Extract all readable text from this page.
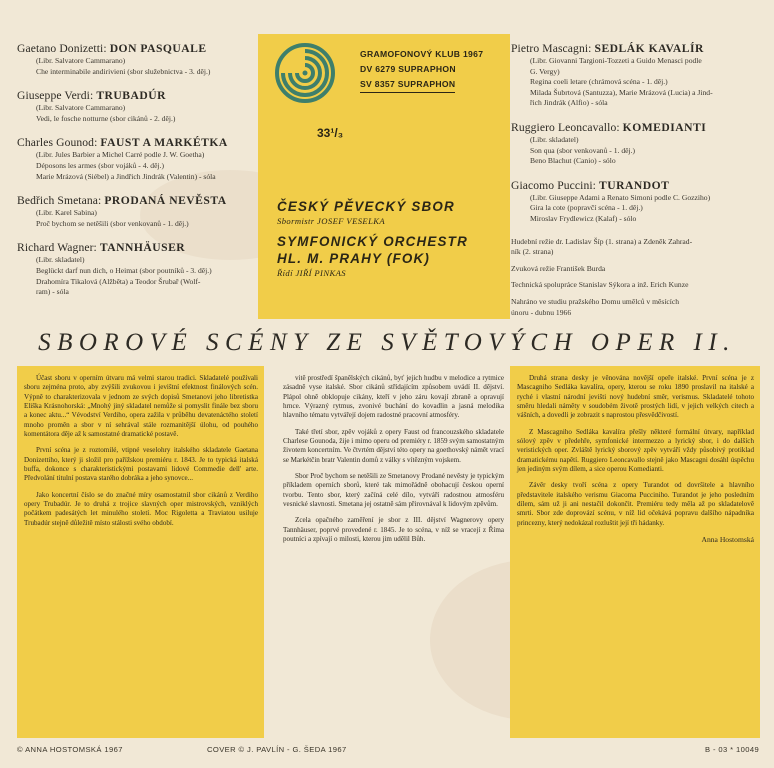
Gaetano Donizetti: DON PASQUALE
(Libr. Salvatore Cammarano)
Che interminabile andirivieni (sbor služebnictva - 3. děj.)
Giuseppe Verdi: TRUBADÚR
(Libr. Salvatore Cammarano)
Vedi, le fosche notturne (sbor cikánů - 2. děj.)
Charles Gounod: FAUST A MARKÉTKA
(Libr. Jules Barbier a Michel Carré podle J. W. Goetha)
Déposons les armes (sbor vojáků - 4. děj.)
Marie Mrázová (Siébel) a Jindřich Jindrák (Valentin) - sóla
Bedřich Smetana: PRODANÁ NEVĚSTA
(Libr. Karel Sabina)
Proč bychom se netěšili (sbor venkovanů - 1. děj.)
Richard Wagner: TANNHÄUSER
(Libr. skladatel)
Beglückt darf nun dich, o Heimat (sbor poutníků - 3. děj.)
Drahomíra Tikalová (Alžběta) a Teodor Šrubař (Wolf-
ram) - sóla
GRAMOFONOVÝ KLUB 1967
DV 6279 SUPRAPHON
SV 8357 SUPRAPHON
33¹/₃
ČESKÝ PĚVECKÝ SBOR
Sbormistr JOSEF VESELKA
SYMFONICKÝ ORCHESTR
HL. M. PRAHY (FOK)
Řídí JIŘÍ PINKAS
Pietro Mascagni: SEDLÁK KAVALÍR
(Libr. Giovanni Targioni-Tozzeti a Guido Menasci podle
G. Vergy)
Regina coeli letare (chrámová scéna - 1. děj.)
Milada Šubrtová (Santuzza), Marie Mrázová (Lucia) a Jind-
řich Jindrák (Alfio) - sóla
Ruggiero Leoncavallo: KOMEDIANTI
(Libr. skladatel)
Son qua (sbor venkovanů - 1. děj.)
Beno Blachut (Canio) - sólo
Giacomo Puccini: TURANDOT
(Libr. Giuseppe Adami a Renato Simoni podle C. Gozziho)
Gira la cote (popravčí scéna - 1. děj.)
Miroslav Frydlewicz (Kalaf) - sólo
Hudební režie dr. Ladislav Šíp (1. strana) a Zdeněk Zahrad-
ník (2. strana)
Zvuková režie František Burda
Technická spolupráce Stanislav Sýkora a inž. Erich Kunze
Nahráno ve studiu pražského Domu umělců v měsících
únoru - dubnu 1966
SBOROVÉ SCÉNY ZE SVĚTOVÝCH OPER II.

Účast sboru v operním útvaru má velmi starou tradici. Skladatelé používali sboru zejména proto, aby zvýšili zvukovou i jevištní efektnost finálových scén. Výpně to charakterizovala v jednom ze svých dopisů Smetanovi jeho libretistka Eliška Krásnohorská: „Mnohý jiný skladatel nemůže si pomyslit finále bez sboru a konec aktu...“ Vévodství Verdiho, opera zažila v průběhu devatenáctého století mnoho proměn a sbor v ní sehrával stále rozmanitější úlohu, od pouhého komentátora děje až k samostatné dramatické postavě.

První scéna je z roztomilé, vtipné veselohry italského skladatele Gaetana Donizettiho, který ji složil pro pařížskou premiéru r. 1843. Je to typická italská buffa, dokonce s charakteristickými postavami lidové Commedie dell' arte. Předvolání titulní postava starého dobráka a jeho synovce...

Jako koncertní číslo se do značné míry osamostatnil sbor cikánů z Verdiho opery Trubadúr. Je to druhá z trojice slavných oper mistrovských, vzniklých počátkem padesátých let minulého století. Moc Rigoletta a Traviatou usiluje Trubadúr stejně důležitě místo stálosti svého období.

vitě prostředí španělských cikánů, byť jejich hudbu v melodice a rytmice zásadně vyse italské. Sbor cikánů střídajícím způsobem uvádí II. dějství. Plápol ohně obklopuje cikány, kteří v jeho záru kovají zbraně a opravují hrnce. Výrazný rytmus, zvonivé buchání do kovadlin a jasná melodika hlavního tématu vytvářejí dojem radostné pracovní atmosféry.

Také třetí sbor, zpěv vojáků z opery Faust od francouzského skladatele Charlese Gounoda, žije i mimo operu od premiéry r. 1859 svým samostatným životem koncertním. Ve čtvrtém dějství této opery na goethovský námět vrací se Markétčin bratr Valentin domů z války s vítězným vojskem.

Sbor Proč bychom se netěšili ze Smetanovy Prodané nevěsty je typickým příkladem operních sborů, které tak mimořádně obohacují českou operní tvorbu. Tento sbor, který začíná celé dílo, vytváří radostnou atmosféru vesnické slavnosti. Smetana jej ostatně sám přirovnával k lidovým zpěvům.

Zcela opačného zaměření je sbor z III. dějství Wagnerovy opery Tannhäuser, poprvé provedené r. 1845. Je to scéna, v níž se vracejí z Říma poutníci a zpívají o milosti, kterou jim udělil Bůh.

Druhá strana desky je věnována novější opeře italské. První scéna je z Mascagniho Sedláka kavalíra, opery, kterou se roku 1890 proslavil na italské a ryché i vlastní národní jevišti nový hudební směr, verismus. Skladatelé tohoto směru hledali náměty v soudobém životě prostých lidí, v jejich velkých citech a vášních, a dovedli je zobrazit s naprostou přesvědčivostí.

Z Mascagniho Sedláka kavalíra přešly některé formální útvary, například sólový zpěv v předehře, symfonické intermezzo a lyrický sbor, i do dalších veristických oper. Zvláště lyrický sborový zpěv vytváří vždy působivý protiklad dramatickému napětí. Ruggiero Leoncavallo stejně jako Mascagni dosáhl úspěchu jen jediným svým dílem, a sice operou Komedianti.

Závěr desky tvoří scéna z opery Turandot od dovršitele a hlavního představitele italského verismu Giacoma Pucciniho. Turandot je jeho posledním dílem, sám už ji ani nestačil dokončit. Premiéru tedy měla až po skladatelově smrti. Sbor zde doprovází scénu, v níž lid očekává popravu dalšího nápadníka princezny, který nedokázal rozluštit její tři hádanky.

Anna Hostomská
© ANNA HOSTOMSKÁ 1967	COVER © J. PAVLÍN - G. ŠEDA 1967	B - 03 * 10049
